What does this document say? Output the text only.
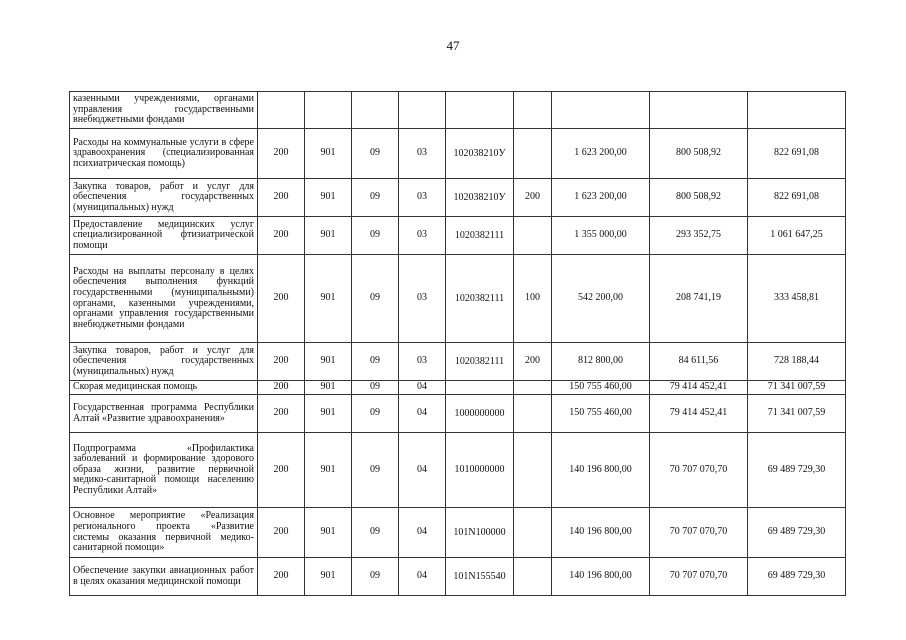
47
казенными учреждениями, органами управления государственными внебюджетными фондами									
Расходы на коммунальные услуги в сфере здравоохранения (специализированная психиатрическая помощь)	200	901	09	03	102038210У		1 623 200,00	800 508,92	822 691,08
Закупка товаров, работ и услуг для обеспечения государственных (муниципальных) нужд	200	901	09	03	102038210У	200	1 623 200,00	800 508,92	822 691,08
Предоставление медицинских услуг специализированной фтизиатрической помощи	200	901	09	03	1020382111		1 355 000,00	293 352,75	1 061 647,25
Расходы на выплаты персоналу в целях обеспечения выполнения функций государственными (муниципальными) органами, казенными учреждениями, органами управления государственными внебюджетными фондами	200	901	09	03	1020382111	100	542 200,00	208 741,19	333 458,81
Закупка товаров, работ и услуг для обеспечения государственных (муниципальных) нужд	200	901	09	03	1020382111	200	812 800,00	84 611,56	728 188,44
Скорая медицинская помощь	200	901	09	04			150 755 460,00	79 414 452,41	71 341 007,59
Государственная программа Республики Алтай «Развитие здравоохранения»	200	901	09	04	1000000000		150 755 460,00	79 414 452,41	71 341 007,59
Подпрограмма «Профилактика заболеваний и формирование здорового образа жизни, развитие первичной медико-санитарной помощи населению Республики Алтай»	200	901	09	04	1010000000		140 196 800,00	70 707 070,70	69 489 729,30
Основное мероприятие «Реализация регионального проекта «Развитие системы оказания первичной медико-санитарной помощи»	200	901	09	04	101N100000		140 196 800,00	70 707 070,70	69 489 729,30
Обеспечение закупки авиационных работ в целях оказания медицинской помощи	200	901	09	04	101N155540		140 196 800,00	70 707 070,70	69 489 729,30
